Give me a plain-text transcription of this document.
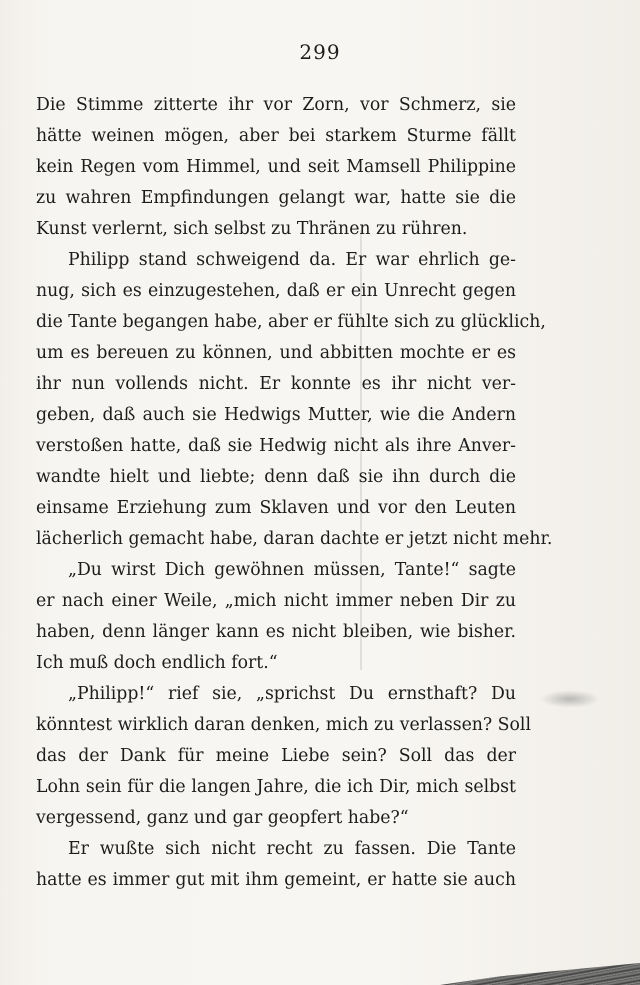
299
Die Stimme zitterte ihr vor Zorn, vor Schmerz, sie
hätte weinen mögen, aber bei starkem Sturme fällt
kein Regen vom Himmel, und seit Mamsell Philippine
zu wahren Empfindungen gelangt war, hatte sie die
Kunst verlernt, sich selbst zu Thränen zu rühren.
Philipp stand schweigend da. Er war ehrlich ge-
nug, sich es einzugestehen, daß er ein Unrecht gegen
die Tante begangen habe, aber er fühlte sich zu glücklich,
um es bereuen zu können, und abbitten mochte er es
ihr nun vollends nicht. Er konnte es ihr nicht ver-
geben, daß auch sie Hedwigs Mutter, wie die Andern
verstoßen hatte, daß sie Hedwig nicht als ihre Anver-
wandte hielt und liebte; denn daß sie ihn durch die
einsame Erziehung zum Sklaven und vor den Leuten
lächerlich gemacht habe, daran dachte er jetzt nicht mehr.
„Du wirst Dich gewöhnen müssen, Tante!“ sagte
er nach einer Weile, „mich nicht immer neben Dir zu
haben, denn länger kann es nicht bleiben, wie bisher.
Ich muß doch endlich fort.“
„Philipp!“ rief sie, „sprichst Du ernsthaft? Du
könntest wirklich daran denken, mich zu verlassen? Soll
das der Dank für meine Liebe sein? Soll das der
Lohn sein für die langen Jahre, die ich Dir, mich selbst
vergessend, ganz und gar geopfert habe?“
Er wußte sich nicht recht zu fassen. Die Tante
hatte es immer gut mit ihm gemeint, er hatte sie auch
